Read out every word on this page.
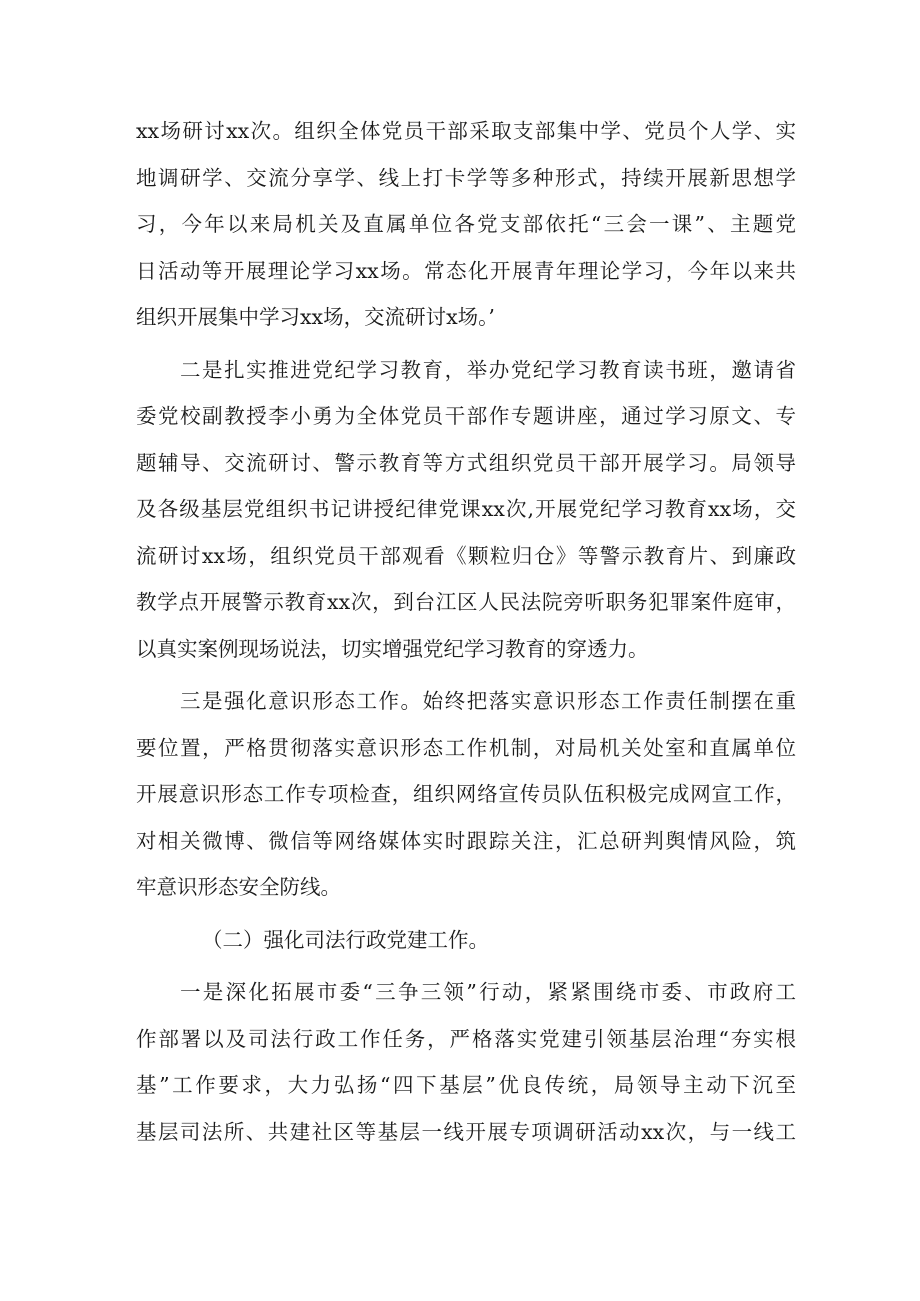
xx场研讨xx次。组织全体党员干部采取支部集中学、党员个人学、实
地调研学、交流分享学、线上打卡学等多种形式，持续开展新思想学
习，今年以来局机关及直属单位各党支部依托“三会一课”、主题党
日活动等开展理论学习xx场。常态化开展青年理论学习，今年以来共
组织开展集中学习xx场，交流研讨x场。’
二是扎实推进党纪学习教育，举办党纪学习教育读书班，邀请省
委党校副教授李小勇为全体党员干部作专题讲座，通过学习原文、专
题辅导、交流研讨、警示教育等方式组织党员干部开展学习。局领导
及各级基层党组织书记讲授纪律党课xx次,开展党纪学习教育xx场，交
流研讨xx场，组织党员干部观看《颗粒归仓》等警示教育片、到廉政
教学点开展警示教育xx次，到台江区人民法院旁听职务犯罪案件庭审，
以真实案例现场说法，切实增强党纪学习教育的穿透力。
三是强化意识形态工作。始终把落实意识形态工作责任制摆在重
要位置，严格贯彻落实意识形态工作机制，对局机关处室和直属单位
开展意识形态工作专项检查，组织网络宣传员队伍积极完成网宣工作，
对相关微博、微信等网络媒体实时跟踪关注，汇总研判舆情风险，筑
牢意识形态安全防线。
（二）强化司法行政党建工作。
一是深化拓展市委“三争三领”行动，紧紧围绕市委、市政府工
作部署以及司法行政工作任务，严格落实党建引领基层治理“夯实根
基”工作要求，大力弘扬“四下基层”优良传统，局领导主动下沉至
基层司法所、共建社区等基层一线开展专项调研活动xx次，与一线工
